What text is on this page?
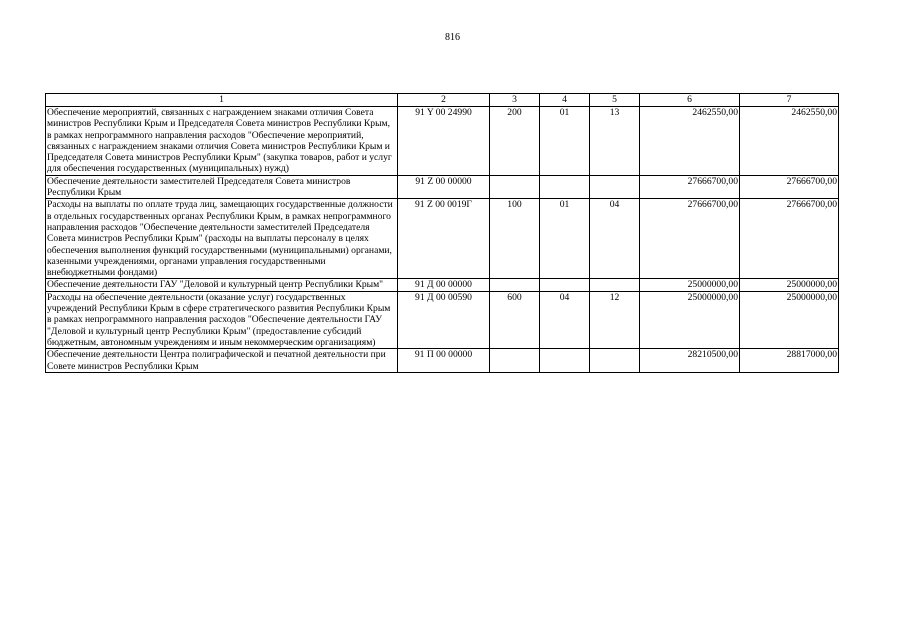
816
1	2	3	4	5	6	7
Обеспечение мероприятий, связанных с награждением знаками отличия Совета министров Республики Крым и Председателя Совета министров Республики Крым, в рамках непрограммного направления расходов "Обеспечение мероприятий, связанных с награждением знаками отличия Совета министров Республики Крым и Председателя Совета министров Республики Крым" (закупка товаров, работ и услуг для обеспечения государственных (муниципальных) нужд)	91 Y 00 24990	200	01	13	2462550,00	2462550,00
Обеспечение деятельности заместителей Председателя Совета министров Республики Крым	91 Z 00 00000				27666700,00	27666700,00
Расходы на выплаты по оплате труда лиц, замещающих государственные должности в отдельных государственных органах Республики Крым, в рамках непрограммного направления расходов "Обеспечение деятельности заместителей Председателя Совета министров Республики Крым" (расходы на выплаты персоналу в целях обеспечения выполнения функций государственными (муниципальными) органами, казенными учреждениями, органами управления государственными внебюджетными фондами)	91 Z 00 0019Г	100	01	04	27666700,00	27666700,00
Обеспечение деятельности ГАУ "Деловой и культурный центр Республики Крым"	91 Д 00 00000				25000000,00	25000000,00
Расходы на обеспечение деятельности (оказание услуг) государственных учреждений Республики Крым в сфере стратегического развития Республики Крым в рамках непрограммного направления расходов "Обеспечение деятельности ГАУ "Деловой и культурный центр Республики Крым" (предоставление субсидий бюджетным, автономным учреждениям и иным некоммерческим организациям)	91 Д 00 00590	600	04	12	25000000,00	25000000,00
Обеспечение деятельности Центра полиграфической и печатной деятельности при Совете министров Республики Крым	91 П 00 00000				28210500,00	28817000,00
